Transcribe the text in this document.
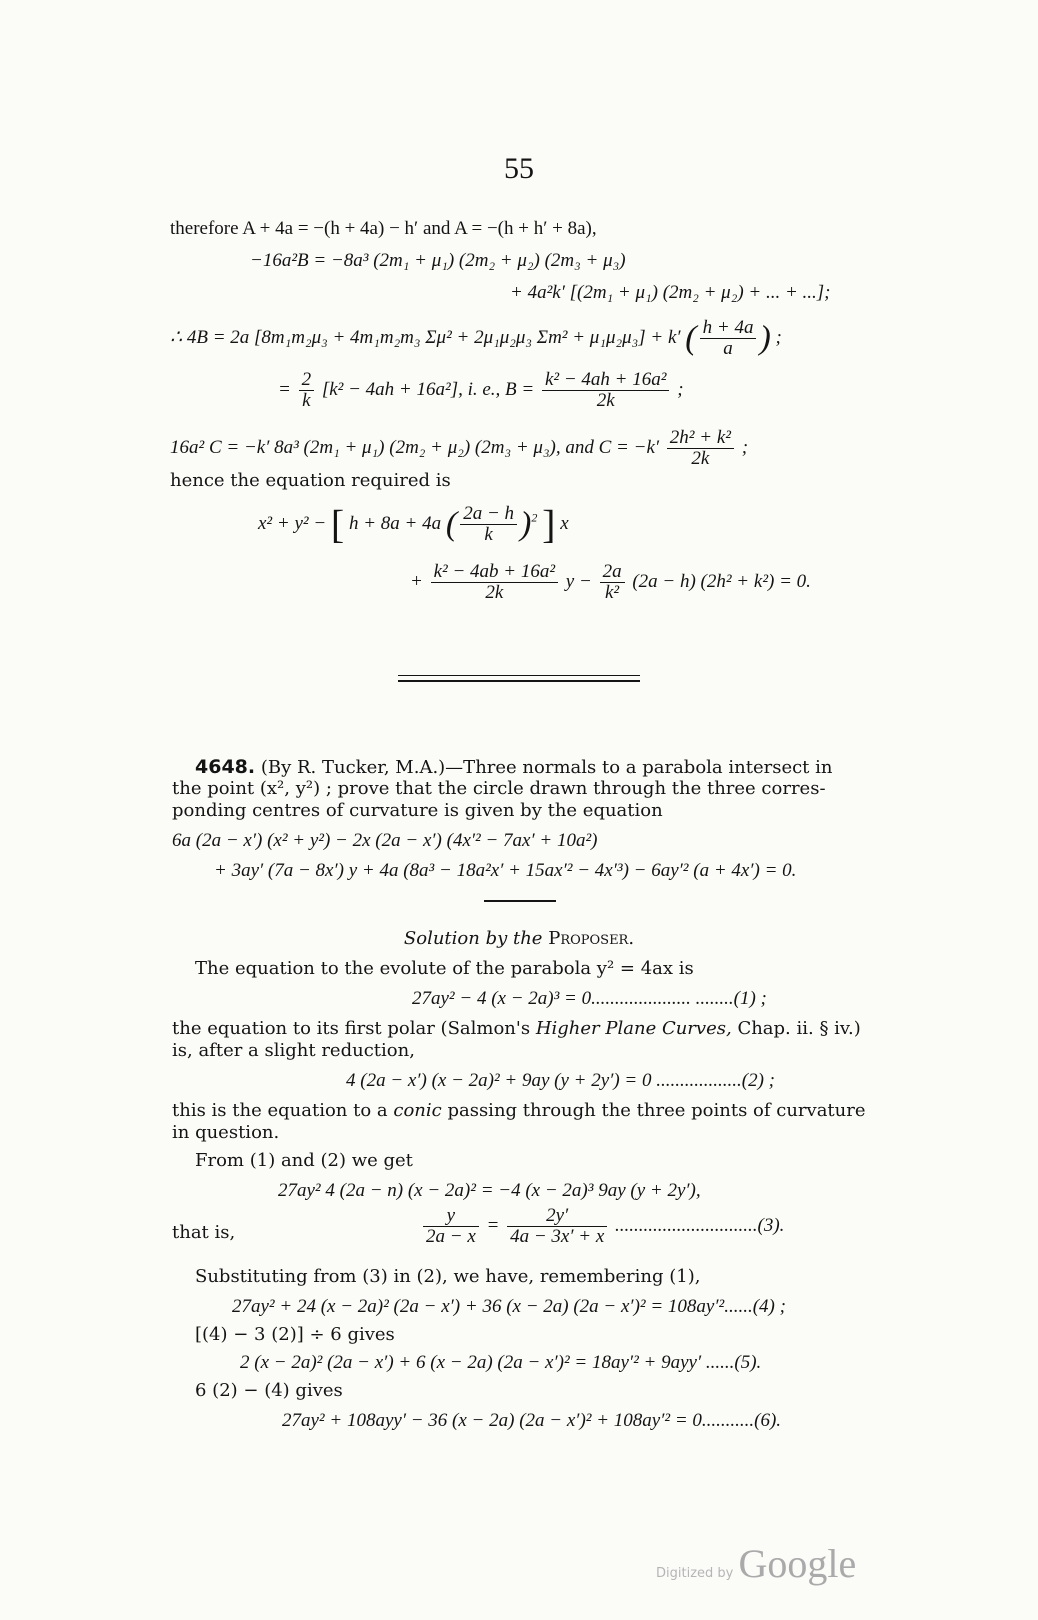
55
therefore A + 4a = −(h + 4a) − h′ and A = −(h + h′ + 8a),
−16a²B = −8a³ (2m₁ + μ₁) (2m₂ + μ₂) (2m₃ + μ₃)
+ 4a²k′ [(2m₁ + μ₁) (2m₂ + μ₂) + ... + ...];
∴ 4B = 2a [8m₁m₂μ₃ + 4m₁m₂m₃ Σμ² + 2μ₁μ₂μ₃ Σm² + μ₁μ₂μ₃] + k′ ( $\frac{h + 4a}{a}$ ) ;
= $\frac{2}{k} [k^2 - 4ah + 16a^2]$, i. e., $B = \frac{\text{k² − 4ah + 16a²}}{2k}$ ;
16a² C = −k′ 8a³ (2m₁ + μ₁) (2m₂ + μ₂) (2m₃ + μ₃), and $C = -k' \frac{\text{2h² + k²}}{2k}$ ;
hence the equation required is
x² + y² − [ h + 8a + 4a ( $\frac{2a - h}{k} )^2$ ] x
+ $\frac{\text{k² − 4ab + 16a²}}{2k}$ $y - \frac{2a}{\text{k²}} (2a - h) (2h^2 + k^2) = 0$.
4648. (By R. Tucker, M.A.)—Three normals to a parabola intersect in
the point (x², y²) ; prove that the circle drawn through the three corres-
ponding centres of curvature is given by the equation
6a (2a − x′) (x² + y²) − 2x (2a − x′) (4x′² − 7ax′ + 10a²)
+ 3ay′ (7a − 8x′) y + 4a (8a³ − 18a²x′ + 15ax′² − 4x′³) − 6ay′² (a + 4x′) = 0.
Solution by the Proposer.
The equation to the evolute of the parabola y² = 4ax is
27ay² − 4 (x − 2a)³ = 0..................... ........(1) ;
the equation to its first polar (Salmon's Higher Plane Curves, Chap. ii. § iv.)
is, after a slight reduction,
4 (2a − x′) (x − 2a)² + 9ay (y + 2y′) = 0 ..................(2) ;
this is the equation to a conic passing through the three points of curvature
in question.
From (1) and (2) we get
27ay² 4 (2a − n) (x − 2a)² = −4 (x − 2a)³ 9ay (y + 2y′),
that is,	$\frac{y}{2a - x} = \frac{2y'}{4a - 3x' + x} ..............................(3)$.
Substituting from (3) in (2), we have, remembering (1),
27ay² + 24 (x − 2a)² (2a − x′) + 36 (x − 2a) (2a − x′)² = 108ay′²......(4) ;
[(4) − 3 (2)] ÷ 6 gives
2 (x − 2a)² (2a − x′) + 6 (x − 2a) (2a − x′)² = 18ay′² + 9ayy′ ......(5).
6 (2) − (4) gives
27ay² + 108ayy′ − 36 (x − 2a) (2a − x′)² + 108ay′² = 0...........(6).
Digitized by Google
